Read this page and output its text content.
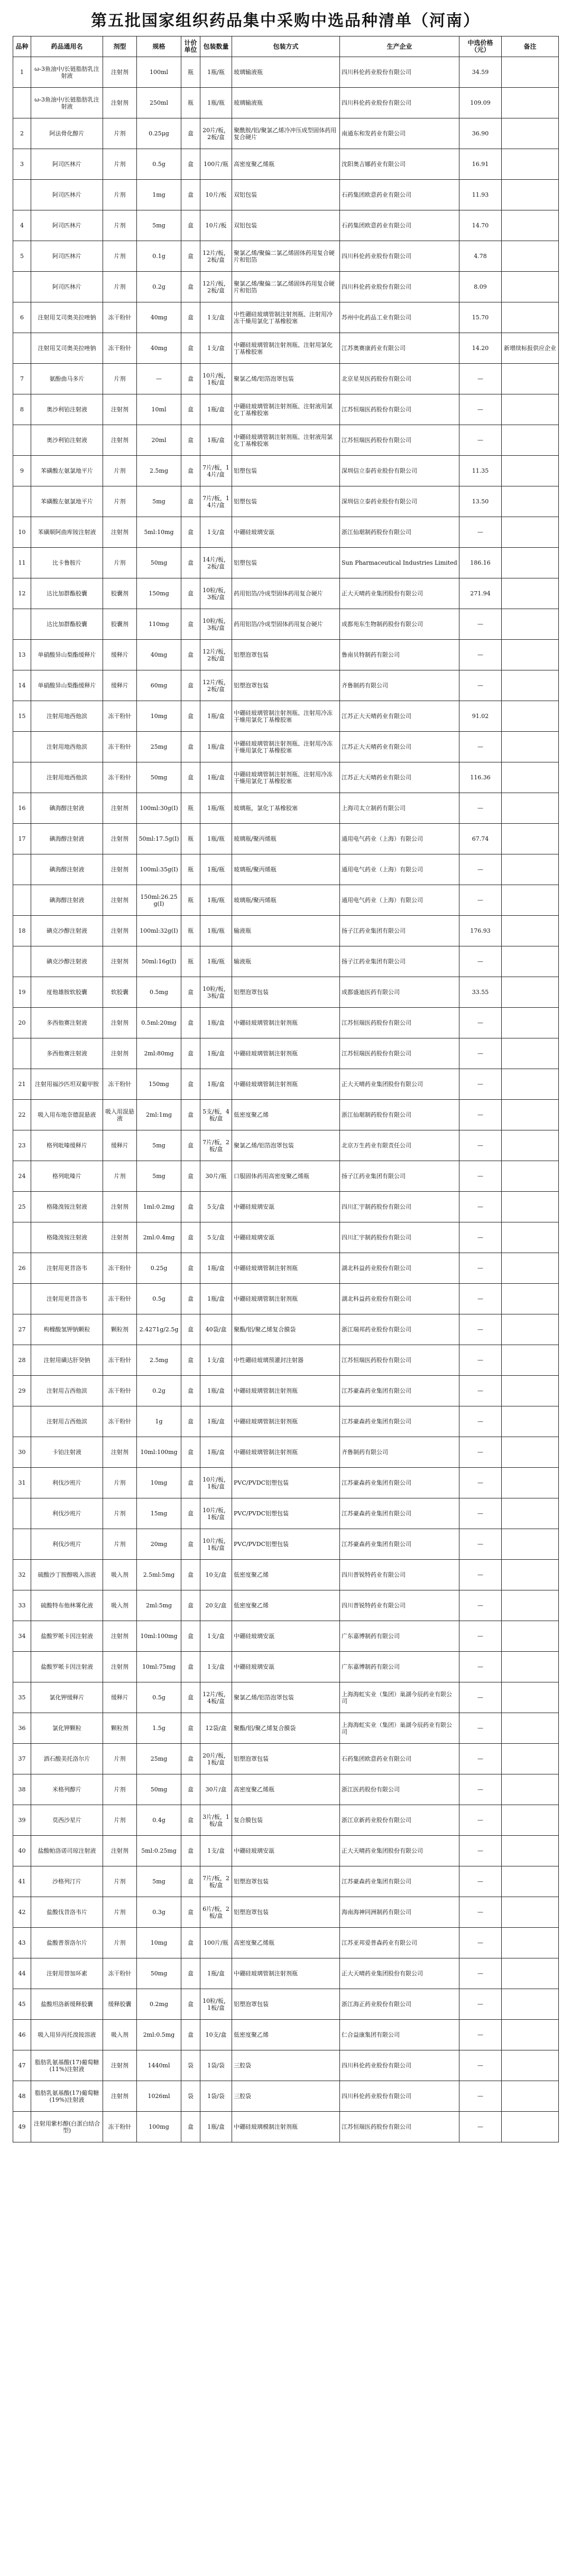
第五批国家组织药品集中采购中选品种清单（河南）
品种	药品通用名	剂型	规格	计价单位	包装数量	包装方式	生产企业	中选价格（元）	备注
1	ω-3鱼油中/长链脂肪乳注射液	注射剂	100ml	瓶	1瓶/瓶	玻璃输液瓶	四川科伦药业股份有限公司	34.59	
	ω-3鱼油中/长链脂肪乳注射液	注射剂	250ml	瓶	1瓶/瓶	玻璃输液瓶	四川科伦药业股份有限公司	109.09	
2	阿法骨化醇片	片剂	0.25μg	盒	20片/板，2板/盒	聚酰胺/铝/聚氯乙烯冷冲压成型固体药用复合硬片	南通东和发药业有限公司	36.90	
3	阿司匹林片	片剂	0.5g	盒	100片/瓶	高密度聚乙烯瓶	沈阳奥吉娜药业有限公司	16.91	
	阿司匹林片	片剂	1mg	盒	10片/板	双铝包装	石药集团欧意药业有限公司	11.93	
4	阿司匹林片	片剂	5mg	盒	10片/板	双铝包装	石药集团欧意药业有限公司	14.70	
5	阿司匹林片	片剂	0.1g	盒	12片/板，2板/盒	聚氯乙烯/聚偏二氯乙烯固体药用复合硬片和铝箔	四川科伦药业股份有限公司	4.78	
	阿司匹林片	片剂	0.2g	盒	12片/板，2板/盒	聚氯乙烯/聚偏二氯乙烯固体药用复合硬片和铝箔	四川科伦药业股份有限公司	8.09	
6	注射用艾司奥美拉唑钠	冻干粉针	40mg	盒	1支/盒	中性硼硅玻璃管制注射剂瓶、注射用冷冻干燥用氯化丁基橡胶塞	苏州中化药品工业有限公司	15.70	
	注射用艾司奥美拉唑钠	冻干粉针	40mg	盒	1支/盒	中硼硅玻璃管制注射剂瓶、注射用氯化丁基橡胶塞	江苏奥赛康药业有限公司	14.20	新增续标报供应企业
7	氨酚曲马多片	片剂	—	盒	10片/板，1板/盒	聚氯乙烯/铝箔泡罩包装	北京星昊医药股份有限公司	—	
8	奥沙利铂注射液	注射剂	10ml	盒	1瓶/盒	中硼硅玻璃管制注射剂瓶、注射液用氯化丁基橡胶塞	江苏恒瑞医药股份有限公司	—	
	奥沙利铂注射液	注射剂	20ml	盒	1瓶/盒	中硼硅玻璃管制注射剂瓶、注射液用氯化丁基橡胶塞	江苏恒瑞医药股份有限公司	—	
9	苯磺酸左氨氯地平片	片剂	2.5mg	盒	7片/板，14片/盒	铝塑包装	深圳信立泰药业股份有限公司	11.35	
	苯磺酸左氨氯地平片	片剂	5mg	盒	7片/板，14片/盒	铝塑包装	深圳信立泰药业股份有限公司	13.50	
10	苯磺顺阿曲库铵注射液	注射剂	5ml:10mg	盒	1支/盒	中硼硅玻璃安瓿	浙江仙琚制药股份有限公司	—	
11	比卡鲁胺片	片剂	50mg	盒	14片/板，2板/盒	铝塑包装	Sun Pharmaceutical Industries Limited	186.16	
12	达比加群酯胶囊	胶囊剂	150mg	盒	10粒/板，3板/盒	药用铝箔/冷成型固体药用复合硬片	正大天晴药业集团股份有限公司	271.94	
	达比加群酯胶囊	胶囊剂	110mg	盒	10粒/板，3板/盒	药用铝箔/冷成型固体药用复合硬片	成都苑东生物制药股份有限公司	—	
13	单硝酸异山梨酯缓释片	缓释片	40mg	盒	12片/板，2板/盒	铝塑泡罩包装	鲁南贝特制药有限公司	—	
14	单硝酸异山梨酯缓释片	缓释片	60mg	盒	12片/板，2板/盒	铝塑泡罩包装	齐鲁制药有限公司	—	
15	注射用地西他滨	冻干粉针	10mg	盒	1瓶/盒	中硼硅玻璃管制注射剂瓶、注射用冷冻干燥用氯化丁基橡胶塞	江苏正大天晴药业有限公司	91.02	
	注射用地西他滨	冻干粉针	25mg	盒	1瓶/盒	中硼硅玻璃管制注射剂瓶、注射用冷冻干燥用氯化丁基橡胶塞	江苏正大天晴药业有限公司	—	
	注射用地西他滨	冻干粉针	50mg	盒	1瓶/盒	中硼硅玻璃管制注射剂瓶、注射用冷冻干燥用氯化丁基橡胶塞	江苏正大天晴药业有限公司	116.36	
16	碘海醇注射液	注射剂	100ml:30g(I)	瓶	1瓶/瓶	玻璃瓶，氯化丁基橡胶塞	上海司太立制药有限公司	—	
17	碘海醇注射液	注射剂	50ml:17.5g(I)	瓶	1瓶/瓶	玻璃瓶/聚丙烯瓶	通用电气药业（上海）有限公司	67.74	
	碘海醇注射液	注射剂	100ml:35g(I)	瓶	1瓶/瓶	玻璃瓶/聚丙烯瓶	通用电气药业（上海）有限公司	—	
	碘海醇注射液	注射剂	150ml:26.25g(I)	瓶	1瓶/瓶	玻璃瓶/聚丙烯瓶	通用电气药业（上海）有限公司	—	
18	碘克沙醇注射液	注射剂	100ml:32g(I)	瓶	1瓶/瓶	输液瓶	扬子江药业集团有限公司	176.93	
	碘克沙醇注射液	注射剂	50ml:16g(I)	瓶	1瓶/瓶	输液瓶	扬子江药业集团有限公司	—	
19	度他雄胺软胶囊	软胶囊	0.5mg	盒	10粒/板，3板/盒	铝塑泡罩包装	成都盛迪医药有限公司	33.55	
20	多西他赛注射液	注射剂	0.5ml:20mg	盒	1瓶/盒	中硼硅玻璃管制注射剂瓶	江苏恒瑞医药股份有限公司	—	
	多西他赛注射液	注射剂	2ml:80mg	盒	1瓶/盒	中硼硅玻璃管制注射剂瓶	江苏恒瑞医药股份有限公司	—	
21	注射用福沙匹坦双葡甲胺	冻干粉针	150mg	盒	1瓶/盒	中硼硅玻璃管制注射剂瓶	正大天晴药业集团股份有限公司	—	
22	吸入用布地奈德混悬液	吸入用混悬液	2ml:1mg	盒	5支/板，4板/盒	低密度聚乙烯	浙江仙琚制药股份有限公司	—	
23	格列吡嗪缓释片	缓释片	5mg	盒	7片/板，2板/盒	聚氯乙烯/铝箔泡罩包装	北京万生药业有限责任公司	—	
24	格列吡嗪片	片剂	5mg	盒	30片/瓶	口服固体药用高密度聚乙烯瓶	扬子江药业集团有限公司	—	
25	格隆溴铵注射液	注射剂	1ml:0.2mg	盒	5支/盒	中硼硅玻璃安瓿	四川汇宇制药股份有限公司	—	
	格隆溴铵注射液	注射剂	2ml:0.4mg	盒	5支/盒	中硼硅玻璃安瓿	四川汇宇制药股份有限公司	—	
26	注射用更昔洛韦	冻干粉针	0.25g	盒	1瓶/盒	中硼硅玻璃管制注射剂瓶	湖北科益药业股份有限公司	—	
	注射用更昔洛韦	冻干粉针	0.5g	盒	1瓶/盒	中硼硅玻璃管制注射剂瓶	湖北科益药业股份有限公司	—	
27	枸橼酸氢钾钠颗粒	颗粒剂	2.4271g/2.5g	盒	40袋/盒	聚酯/铝/聚乙烯复合膜袋	浙江瑞邦药业股份有限公司	—	
28	注射用磺达肝癸钠	冻干粉针	2.5mg	盒	1支/盒	中性硼硅玻璃预灌封注射器	江苏恒瑞医药股份有限公司	—	
29	注射用吉西他滨	冻干粉针	0.2g	盒	1瓶/盒	中硼硅玻璃管制注射剂瓶	江苏豪森药业集团有限公司	—	
	注射用吉西他滨	冻干粉针	1g	盒	1瓶/盒	中硼硅玻璃管制注射剂瓶	江苏豪森药业集团有限公司	—	
30	卡铂注射液	注射剂	10ml:100mg	盒	1瓶/盒	中硼硅玻璃管制注射剂瓶	齐鲁制药有限公司	—	
31	利伐沙班片	片剂	10mg	盒	10片/板，1板/盒	PVC/PVDC铝塑包装	江苏豪森药业集团有限公司	—	
	利伐沙班片	片剂	15mg	盒	10片/板，1板/盒	PVC/PVDC铝塑包装	江苏豪森药业集团有限公司	—	
	利伐沙班片	片剂	20mg	盒	10片/板，1板/盒	PVC/PVDC铝塑包装	江苏豪森药业集团有限公司	—	
32	硫酸沙丁胺醇吸入溶液	吸入剂	2.5ml:5mg	盒	10支/盒	低密度聚乙烯	四川普锐特药业有限公司	—	
33	硫酸特布他林雾化液	吸入剂	2ml:5mg	盒	20支/盒	低密度聚乙烯	四川普锐特药业有限公司	—	
34	盐酸罗哌卡因注射液	注射剂	10ml:100mg	盒	1支/盒	中硼硅玻璃安瓿	广东嘉博制药有限公司	—	
	盐酸罗哌卡因注射液	注射剂	10ml:75mg	盒	1支/盒	中硼硅玻璃安瓿	广东嘉博制药有限公司	—	
35	氯化钾缓释片	缓释片	0.5g	盒	12片/板，4板/盒	聚氯乙烯/铝箔泡罩包装	上海海虹实业（集团）巢湖今辰药业有限公司	—	
36	氯化钾颗粒	颗粒剂	1.5g	盒	12袋/盒	聚酯/铝/聚乙烯复合膜袋	上海海虹实业（集团）巢湖今辰药业有限公司	—	
37	酒石酸美托洛尔片	片剂	25mg	盒	20片/板，1板/盒	铝塑泡罩包装	石药集团欧意药业有限公司	—	
38	米格列醇片	片剂	50mg	盒	30片/盒	高密度聚乙烯瓶	浙江医药股份有限公司	—	
39	莫西沙星片	片剂	0.4g	盒	3片/板，1板/盒	复合膜包装	浙江京新药业股份有限公司	—	
40	盐酸帕洛诺司琼注射液	注射剂	5ml:0.25mg	盒	1支/盒	中硼硅玻璃安瓿	正大天晴药业集团股份有限公司	—	
41	沙格列汀片	片剂	5mg	盒	7片/板，2板/盒	铝塑泡罩包装	江苏豪森药业集团有限公司	—	
42	盐酸伐昔洛韦片	片剂	0.3g	盒	6片/板，2板/盒	铝塑泡罩包装	海南海神同洲制药有限公司	—	
43	盐酸普萘洛尔片	片剂	10mg	盒	100片/瓶	高密度聚乙烯瓶	江苏亚邦爱普森药业有限公司	—	
44	注射用替加环素	冻干粉针	50mg	盒	1瓶/盒	中硼硅玻璃管制注射剂瓶	正大天晴药业集团股份有限公司	—	
45	盐酸坦洛新缓释胶囊	缓释胶囊	0.2mg	盒	10粒/板，1板/盒	铝塑泡罩包装	浙江海正药业股份有限公司	—	
46	吸入用异丙托溴铵溶液	吸入剂	2ml:0.5mg	盒	10支/盒	低密度聚乙烯	仁合益康集团有限公司	—	
47	脂肪乳氨基酸(17)葡萄糖(11%)注射液	注射剂	1440ml	袋	1袋/袋	三腔袋	四川科伦药业股份有限公司	—	
48	脂肪乳氨基酸(17)葡萄糖(19%)注射液	注射剂	1026ml	袋	1袋/袋	三腔袋	四川科伦药业股份有限公司	—	
49	注射用紫杉醇(白蛋白结合型)	冻干粉针	100mg	盒	1瓶/盒	中硼硅玻璃模制注射剂瓶	江苏恒瑞医药股份有限公司	—	
